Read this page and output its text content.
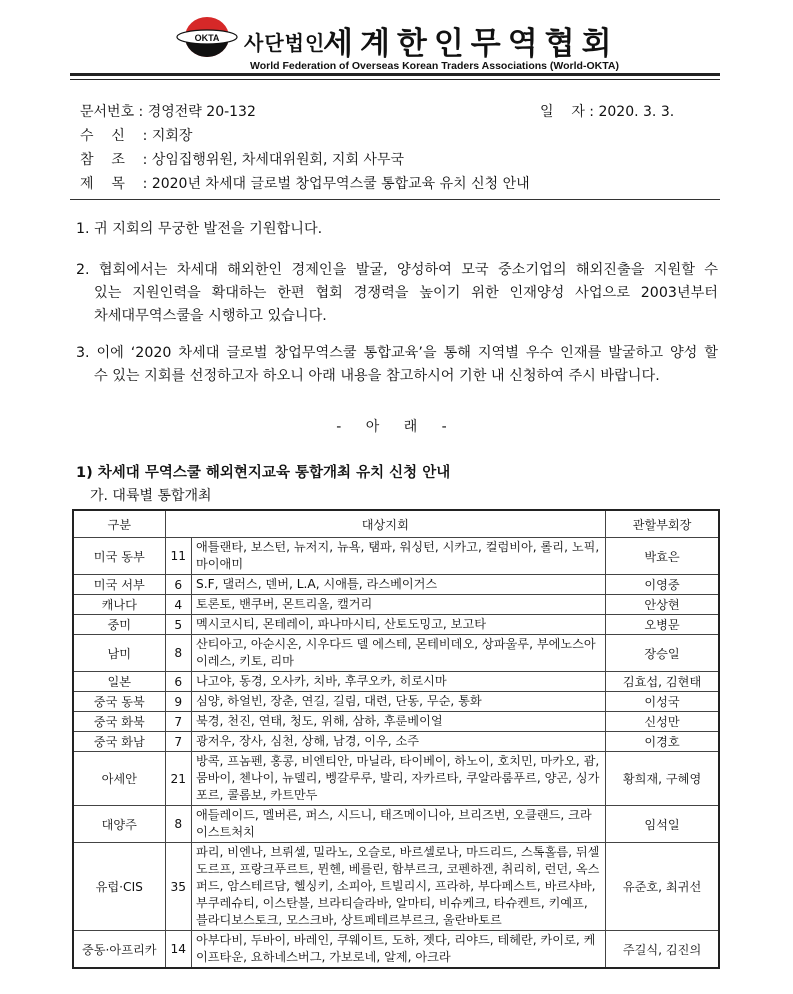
OKTA 사단법인
세계한인무역협회
World Federation of Overseas Korean Traders Associations (World-OKTA)
문서번호 : 경영전략 20-132	일    자 : 2020. 3. 3.
수    신    : 지회장
참    조    : 상임집행위원, 차세대위원회, 지회 사무국
제    목    : 2020년 차세대 글로벌 창업무역스쿨 통합교육 유치 신청 안내
1. 귀 지회의 무궁한 발전을 기원합니다.
2. 협회에서는 차세대 해외한인 경제인을 발굴, 양성하여 모국 중소기업의 해외진출을 지원할 수
있는 지원인력을 확대하는 한편 협회 경쟁력을 높이기 위한 인재양성 사업으로 2003년부터
차세대무역스쿨을 시행하고 있습니다.
3. 이에 ‘2020 차세대 글로벌 창업무역스쿨 통합교육’을 통해 지역별 우수 인재를 발굴하고 양성 할
수 있는 지회를 선정하고자 하오니 아래 내용을 참고하시어 기한 내 신청하여 주시 바랍니다.
- 아 래 -
1) 차세대 무역스쿨 해외현지교육 통합개최 유치 신청 안내
가. 대륙별 통합개최
구분	대상지회		관할부회장
미국 동부	11	애틀랜타, 보스턴, 뉴저지, 뉴욕, 탬파, 워싱턴, 시카고, 컬럼비아, 롤리, 노픽, 마이애미	박효은
미국 서부	6	S.F, 댈러스, 덴버, L.A, 시애틀, 라스베이거스	이영중
캐나다	4	토론토, 밴쿠버, 몬트리올, 캘거리	안상현
중미	5	멕시코시티, 몬테레이, 파나마시티, 산토도밍고, 보고타	오병문
남미	8	산티아고, 아순시온, 시우다드 델 에스테, 몬테비데오, 상파울루, 부에노스아이레스, 키토, 리마	장승일
일본	6	나고야, 동경, 오사카, 치바, 후쿠오카, 히로시마	김효섭, 김현태
중국 동북	9	심양, 하얼빈, 장춘, 연길, 길림, 대련, 단동, 무순, 통화	이성국
중국 화북	7	북경, 천진, 연태, 청도, 위해, 삼하, 후룬베이얼	신성만
중국 화남	7	광저우, 장사, 심천, 상해, 남경, 이우, 소주	이경호
아세안	21	방콕, 프놈펜, 홍콩, 비엔티안, 마닐라, 타이베이, 하노이, 호치민, 마카오, 괌, 뭄바이, 첸나이, 뉴델리, 벵갈루루, 발리, 자카르타, 쿠알라룸푸르, 양곤, 싱가포르, 콜롬보, 카트만두	황희재, 구혜영
대양주	8	애들레이드, 멜버른, 퍼스, 시드니, 태즈메이니아, 브리즈번, 오클랜드, 크라이스트처치	임석일
유럽·CIS	35	파리, 비엔나, 브뤼셀, 밀라노, 오슬로, 바르셀로나, 마드리드, 스톡홀름, 뒤셀도르프, 프랑크푸르트, 뮌헨, 베를린, 함부르크, 코펜하겐, 취리히, 런던, 옥스퍼드, 암스테르담, 헬싱키, 소피아, 트빌리시, 프라하, 부다페스트, 바르샤바, 부쿠레슈티, 이스탄불, 브라티슬라바, 알마티, 비슈케크, 타슈켄트, 키예프, 블라디보스토크, 모스크바, 상트페테르부르크, 울란바토르	유준호, 최귀선
중동·아프리카	14	아부다비, 두바이, 바레인, 쿠웨이트, 도하, 젯다, 리야드, 테헤란, 카이로, 케이프타운, 요하네스버그, 가보로네, 알제, 아크라	주길식, 김진의
